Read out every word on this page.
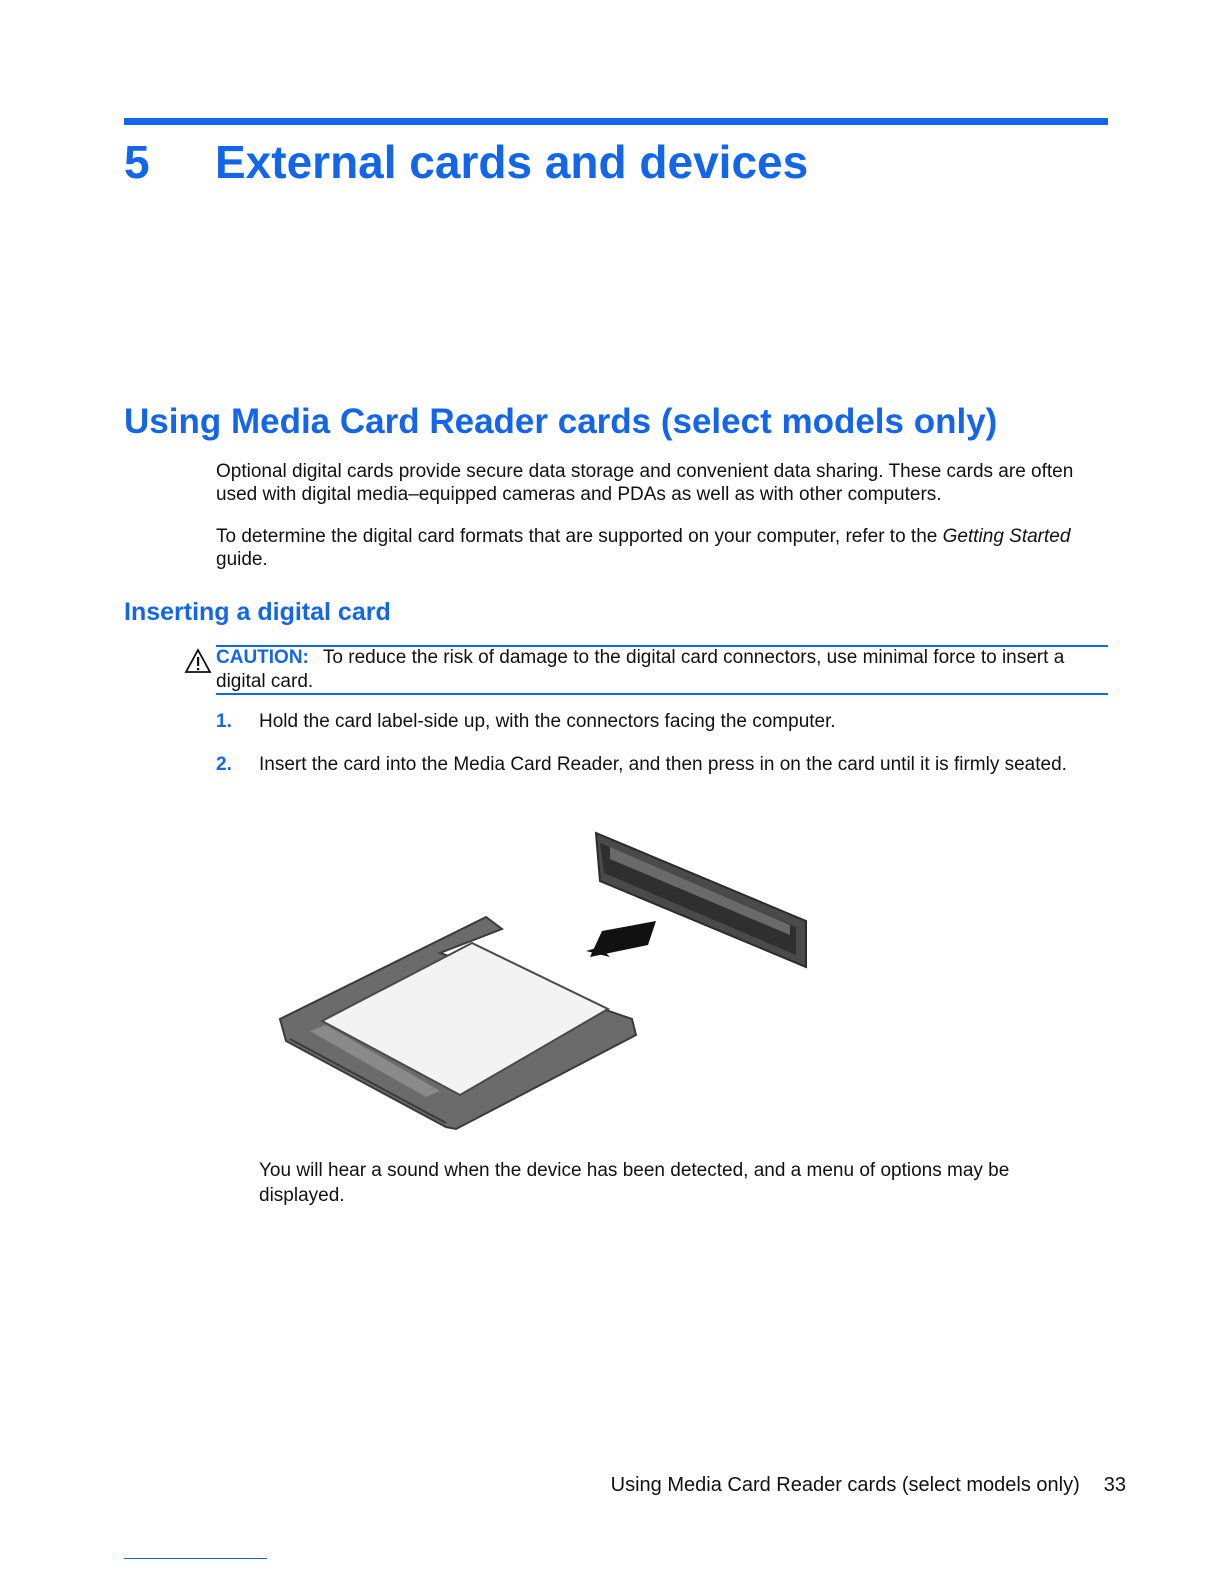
5 External cards and devices
Using Media Card Reader cards (select models only)
Optional digital cards provide secure data storage and convenient data sharing. These cards are often used with digital media–equipped cameras and PDAs as well as with other computers.
To determine the digital card formats that are supported on your computer, refer to the Getting Started guide.
Inserting a digital card
CAUTION: To reduce the risk of damage to the digital card connectors, use minimal force to insert a digital card.
1. Hold the card label-side up, with the connectors facing the computer.
2. Insert the card into the Media Card Reader, and then press in on the card until it is firmly seated.
You will hear a sound when the device has been detected, and a menu of options may be displayed.
Using Media Card Reader cards (select models only) 33
